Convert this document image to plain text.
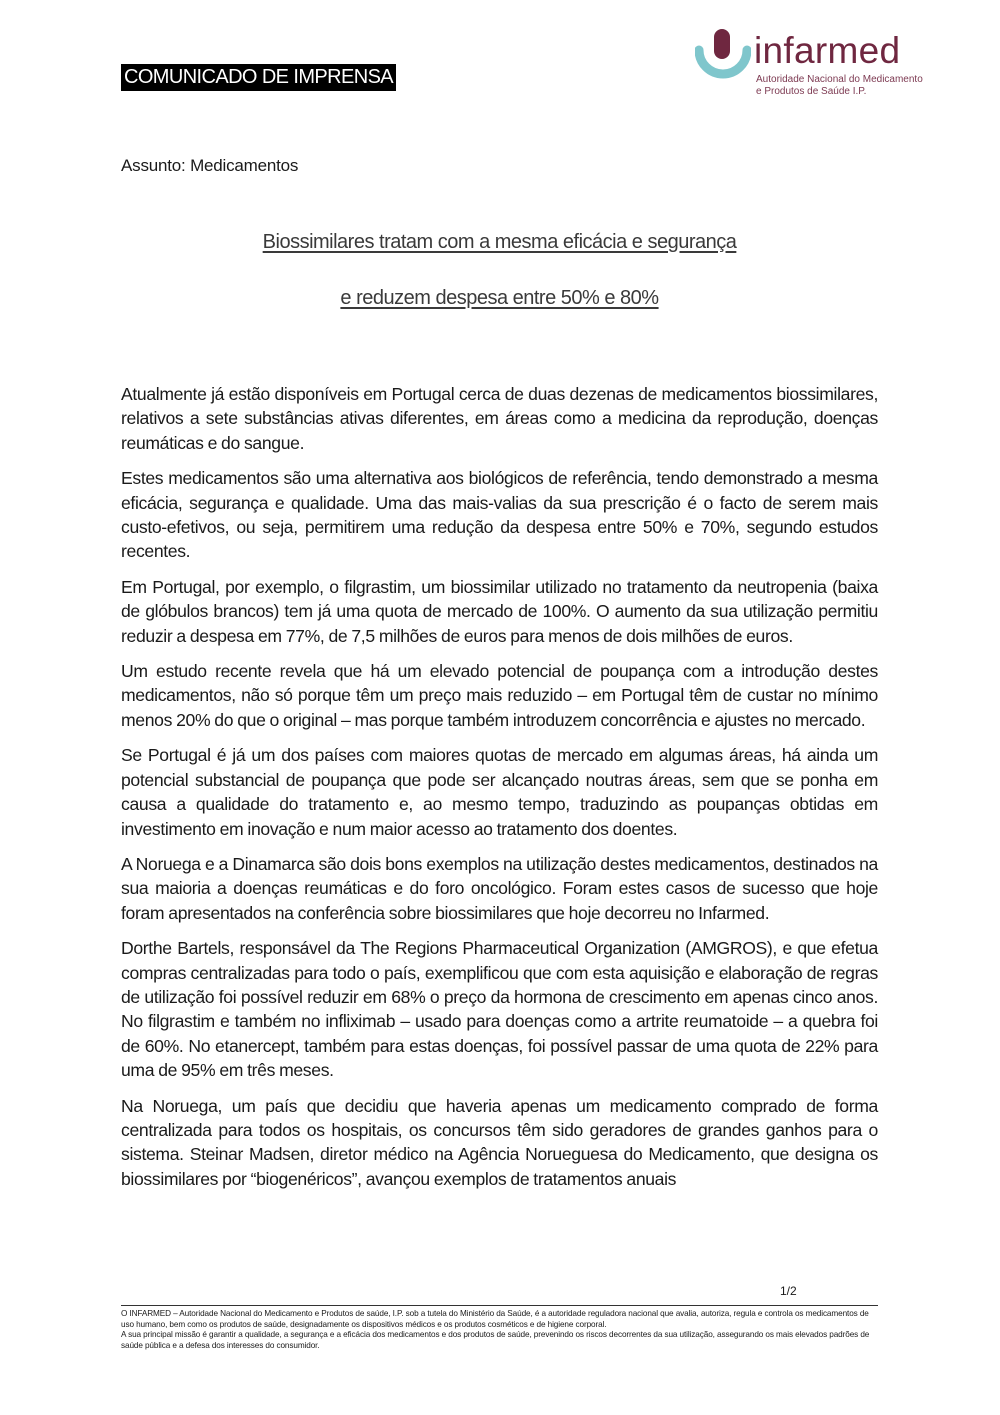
COMUNICADO DE IMPRENSA
infarmed
Autoridade Nacional do Medicamento e Produtos de Saúde I.P.
Assunto: Medicamentos
Biossimilares tratam com a mesma eficácia e segurança
e reduzem despesa entre 50% e 80%

Atualmente já estão disponíveis em Portugal cerca de duas dezenas de medicamentos biossimilares, relativos a sete substâncias ativas diferentes, em áreas como a medicina da reprodução, doenças reumáticas e do sangue.

Estes medicamentos são uma alternativa aos biológicos de referência, tendo demonstrado a mesma eficácia, segurança e qualidade. Uma das mais-valias da sua prescrição é o facto de serem mais custo-efetivos, ou seja, permitirem uma redução da despesa entre 50% e 70%, segundo estudos recentes.

Em Portugal, por exemplo, o filgrastim, um biossimilar utilizado no tratamento da neutropenia (baixa de glóbulos brancos) tem já uma quota de mercado de 100%. O aumento da sua utilização permitiu reduzir a despesa em 77%, de 7,5 milhões de euros para menos de dois milhões de euros.

Um estudo recente revela que há um elevado potencial de poupança com a introdução destes medicamentos, não só porque têm um preço mais reduzido – em Portugal têm de custar no mínimo menos 20% do que o original – mas porque também introduzem concorrência e ajustes no mercado.

Se Portugal é já um dos países com maiores quotas de mercado em algumas áreas, há ainda um potencial substancial de poupança que pode ser alcançado noutras áreas, sem que se ponha em causa a qualidade do tratamento e, ao mesmo tempo, traduzindo as poupanças obtidas em investimento em inovação e num maior acesso ao tratamento dos doentes.

A Noruega e a Dinamarca são dois bons exemplos na utilização destes medicamentos, destinados na sua maioria a doenças reumáticas e do foro oncológico. Foram estes casos de sucesso que hoje foram apresentados na conferência sobre biossimilares que hoje decorreu no Infarmed.

Dorthe Bartels, responsável da The Regions Pharmaceutical Organization (AMGROS), e que efetua compras centralizadas para todo o país, exemplificou que com esta aquisição e elaboração de regras de utilização foi possível reduzir em 68% o preço da hormona de crescimento em apenas cinco anos. No filgrastim e também no infliximab – usado para doenças como a artrite reumatoide – a quebra foi de 60%. No etanercept, também para estas doenças, foi possível passar de uma quota de 22% para uma de 95% em três meses.

Na Noruega, um país que decidiu que haveria apenas um medicamento comprado de forma centralizada para todos os hospitais, os concursos têm sido geradores de grandes ganhos para o sistema. Steinar Madsen, diretor médico na Agência Norueguesa do Medicamento, que designa os biossimilares por “biogenéricos”, avançou exemplos de tratamentos anuais

1/2
O INFARMED – Autoridade Nacional do Medicamento e Produtos de saúde, I.P. sob a tutela do Ministério da Saúde, é a autoridade reguladora nacional que avalia, autoriza, regula e controla os medicamentos de uso humano, bem como os produtos de saúde, designadamente os dispositivos médicos e os produtos cosméticos e de higiene corporal.
A sua principal missão é garantir a qualidade, a segurança e a eficácia dos medicamentos e dos produtos de saúde, prevenindo os riscos decorrentes da sua utilização, assegurando os mais elevados padrões de saúde pública e a defesa dos interesses do consumidor.
